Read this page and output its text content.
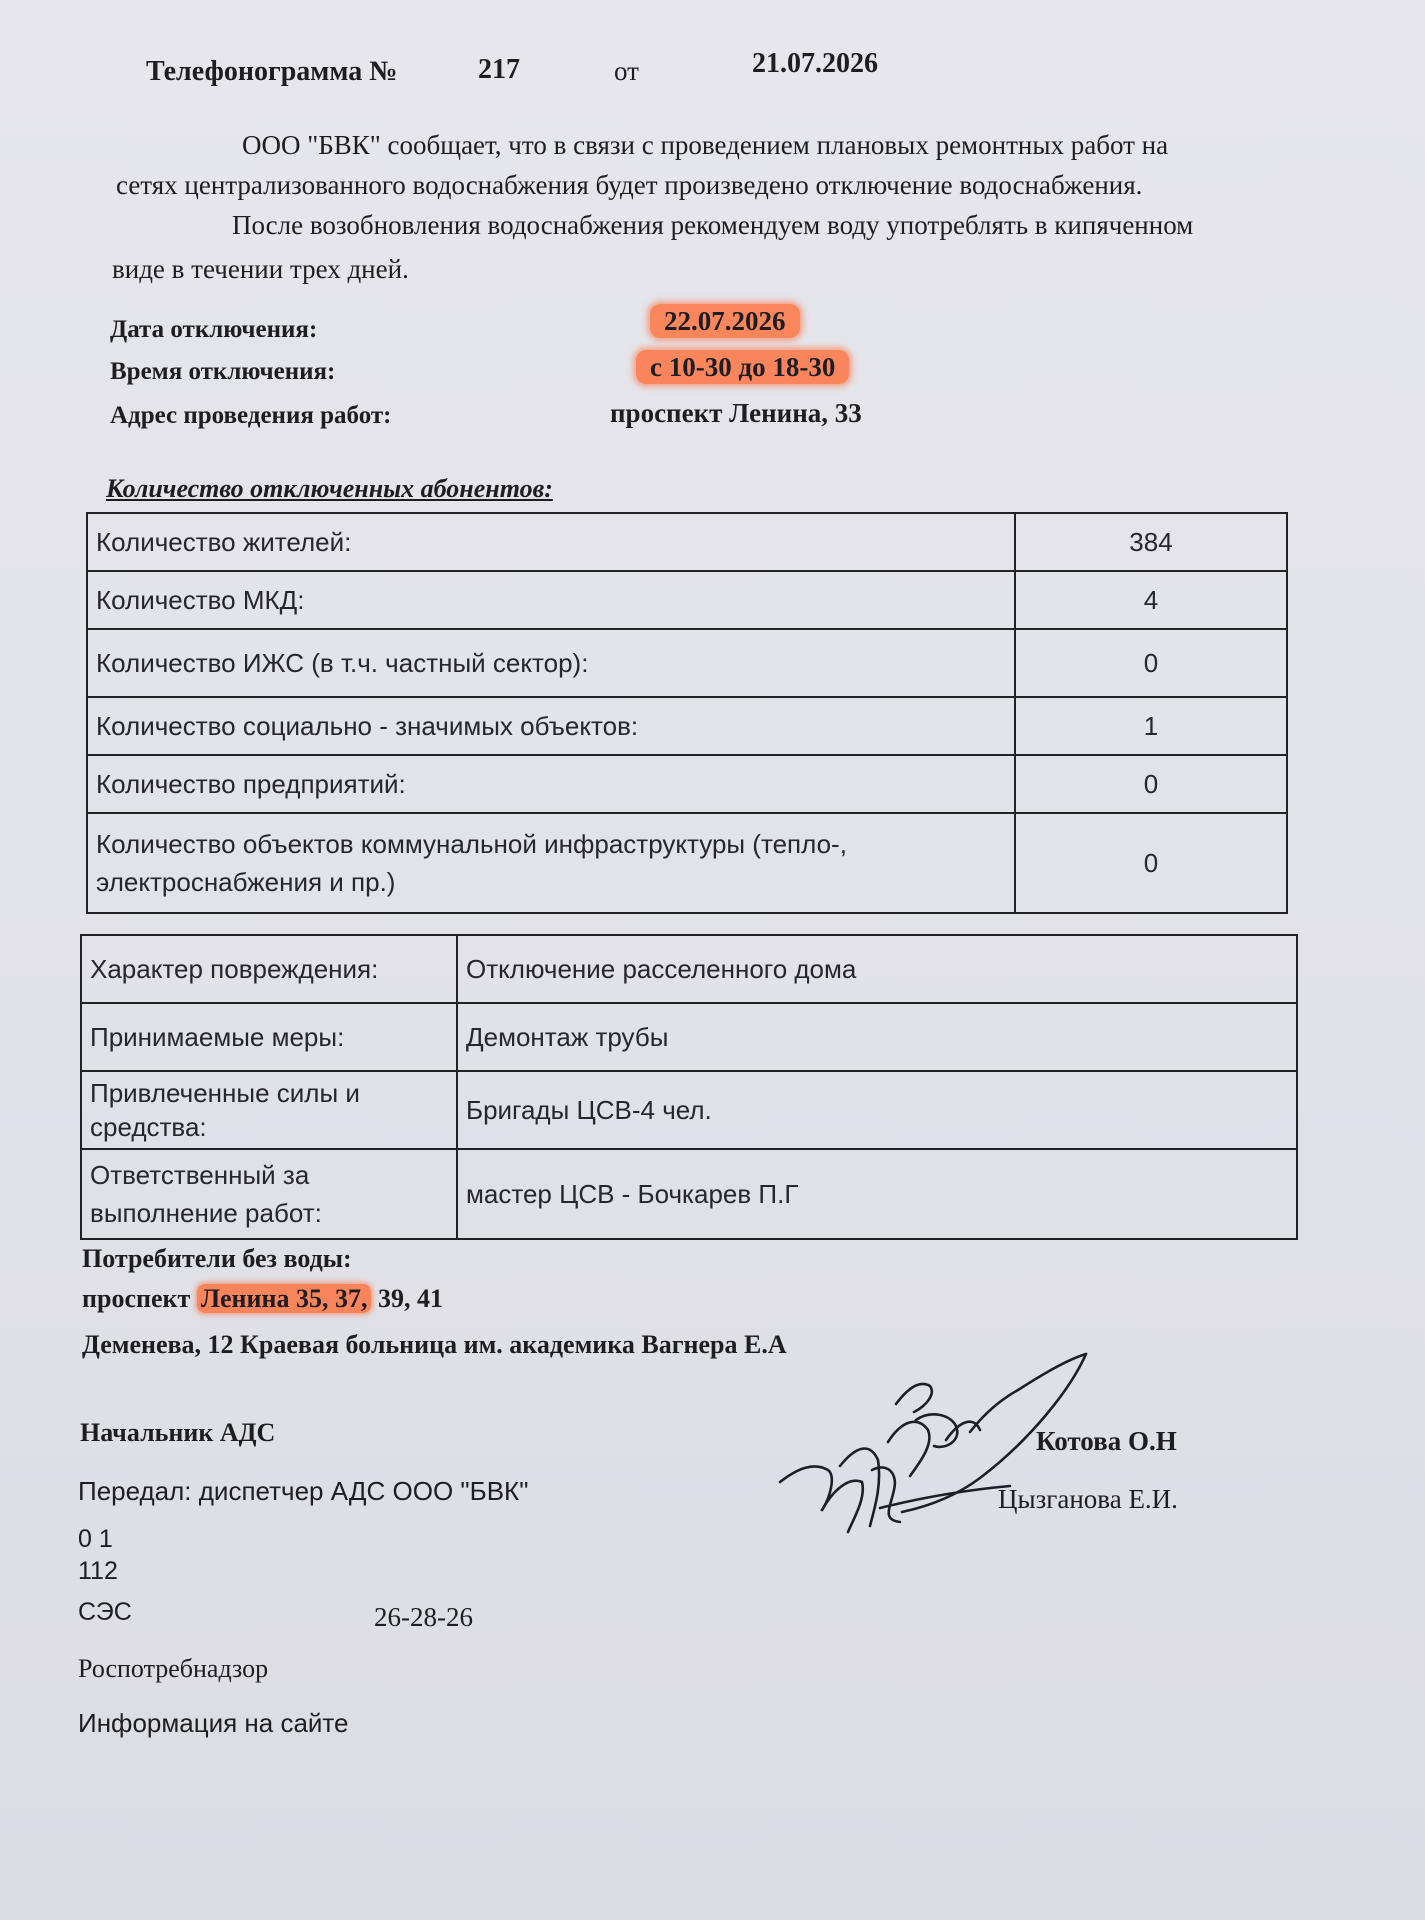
Телефонограмма №	217	от	21.07.2026
ООО "БВК" сообщает, что в связи с проведением плановых ремонтных работ на
сетях централизованного водоснабжения будет произведено отключение водоснабжения.
После возобновления водоснабжения рекомендуем воду употреблять в кипяченном
виде в течении трех дней.
Дата отключения:	22.07.2026
Время отключения:	с 10-30 до 18-30
Адрес проведения работ:	проспект Ленина, 33
Количество отключенных абонентов:
Количество жителей:	384
Количество МКД:	4
Количество ИЖС (в т.ч. частный сектор):	0
Количество социально - значимых объектов:	1
Количество предприятий:	0

Количество объектов коммунальной инфраструктуры (тепло-,
электроснабжения и пр.)	0
Характер повреждения:	Отключение расселенного дома
Принимаемые меры:	Демонтаж трубы

Привлеченные силы и
средства:	Бригады ЦСВ-4 чел.

Ответственный за
выполнение работ:	мастер ЦСВ - Бочкарев П.Г
Потребители без воды:
проспект Ленина 35, 37, 39, 41
Деменева, 12 Краевая больница им. академика Вагнера Е.А
Начальник АДС	Котова О.Н
Передал: диспетчер АДС ООО "БВК"	Цызганова Е.И.
0 1
112
СЭС	26-28-26
Роспотребнадзор
Информация на сайте
